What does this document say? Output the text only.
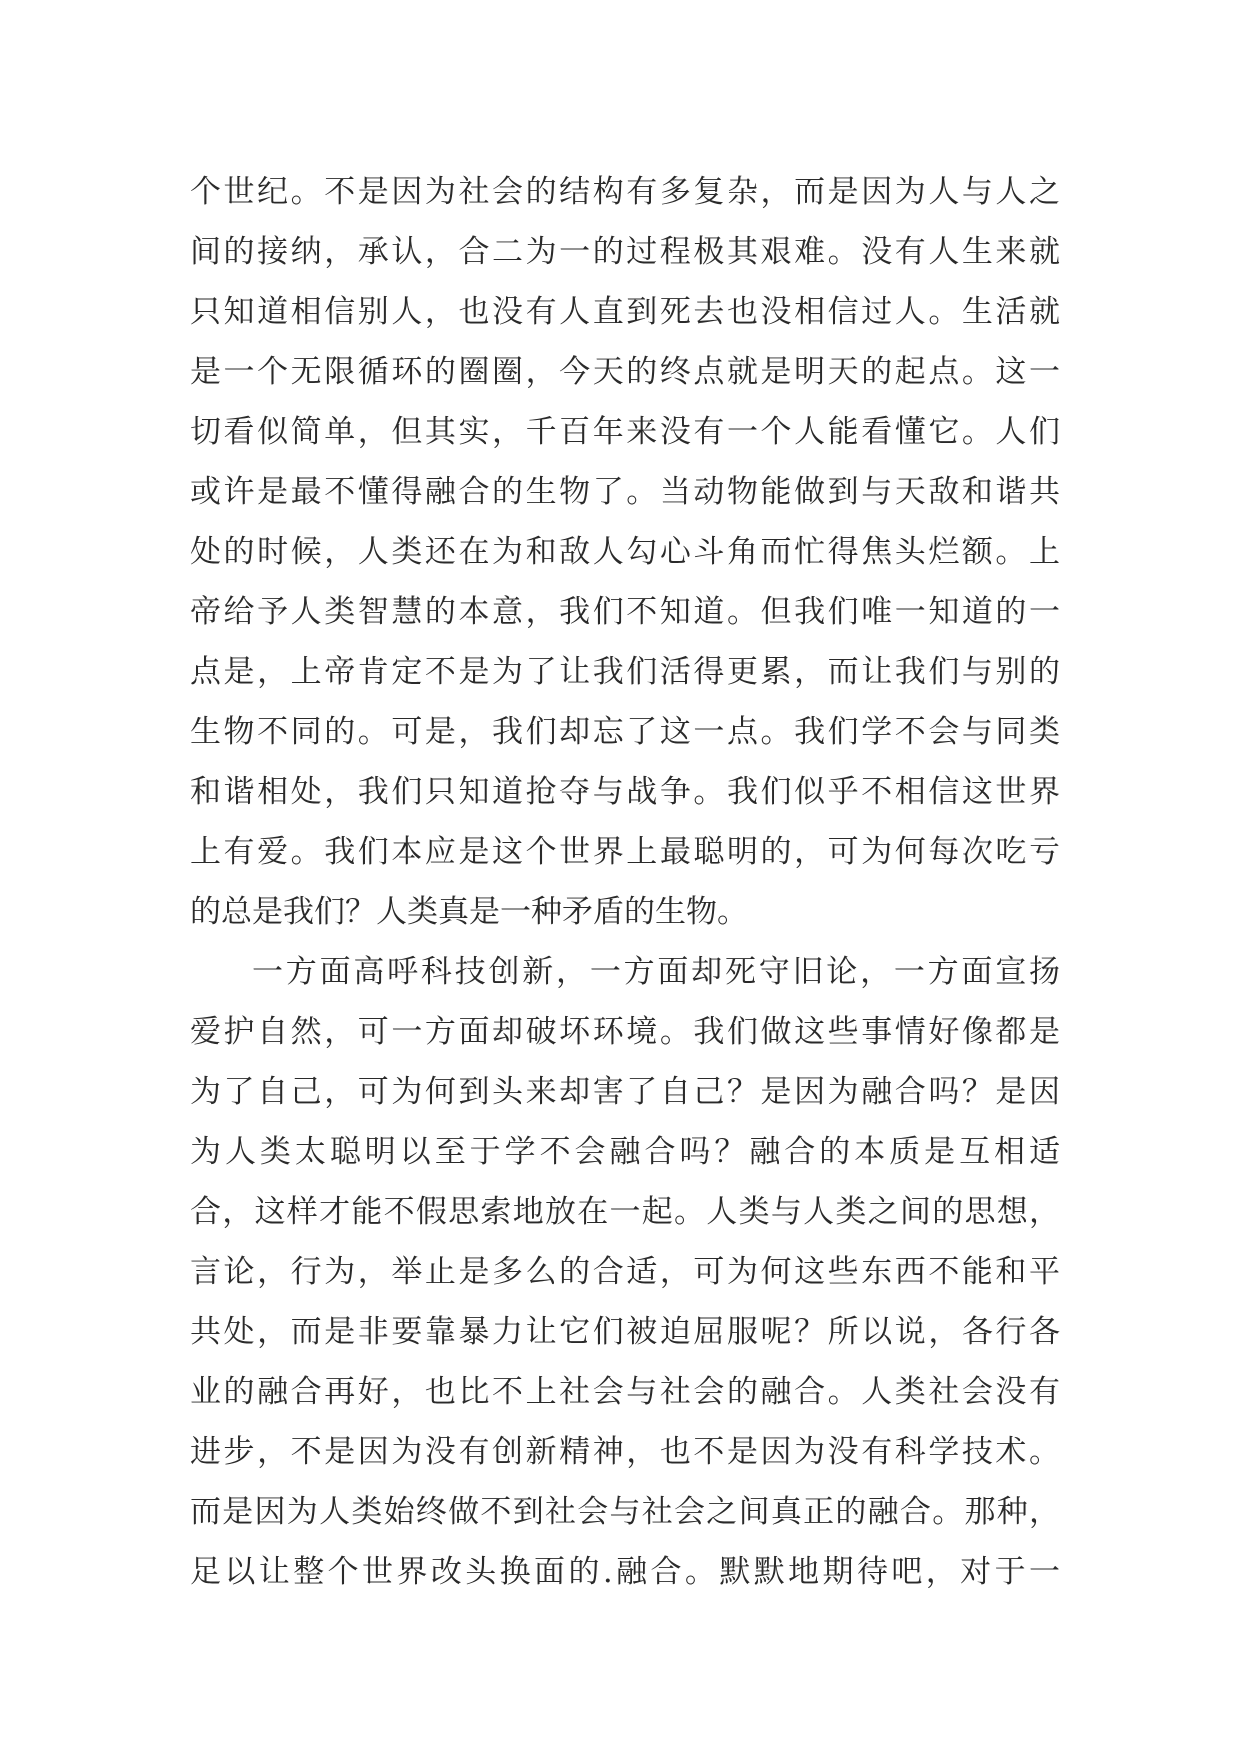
个世纪。不是因为社会的结构有多复杂，而是因为人与人之
间的接纳，承认，合二为一的过程极其艰难。没有人生来就
只知道相信别人，也没有人直到死去也没相信过人。生活就
是一个无限循环的圈圈，今天的终点就是明天的起点。这一
切看似简单，但其实，千百年来没有一个人能看懂它。人们
或许是最不懂得融合的生物了。当动物能做到与天敌和谐共
处的时候，人类还在为和敌人勾心斗角而忙得焦头烂额。上
帝给予人类智慧的本意，我们不知道。但我们唯一知道的一
点是，上帝肯定不是为了让我们活得更累，而让我们与别的
生物不同的。可是，我们却忘了这一点。我们学不会与同类
和谐相处，我们只知道抢夺与战争。我们似乎不相信这世界
上有爱。我们本应是这个世界上最聪明的，可为何每次吃亏
的总是我们？人类真是一种矛盾的生物。
一方面高呼科技创新，一方面却死守旧论，一方面宣扬
爱护自然，可一方面却破坏环境。我们做这些事情好像都是
为了自己，可为何到头来却害了自己？是因为融合吗？是因
为人类太聪明以至于学不会融合吗？融合的本质是互相适
合，这样才能不假思索地放在一起。人类与人类之间的思想，
言论，行为，举止是多么的合适，可为何这些东西不能和平
共处，而是非要靠暴力让它们被迫屈服呢？所以说，各行各
业的融合再好，也比不上社会与社会的融合。人类社会没有
进步，不是因为没有创新精神，也不是因为没有科学技术。
而是因为人类始终做不到社会与社会之间真正的融合。那种，
足以让整个世界改头换面的.融合。默默地期待吧，对于一
